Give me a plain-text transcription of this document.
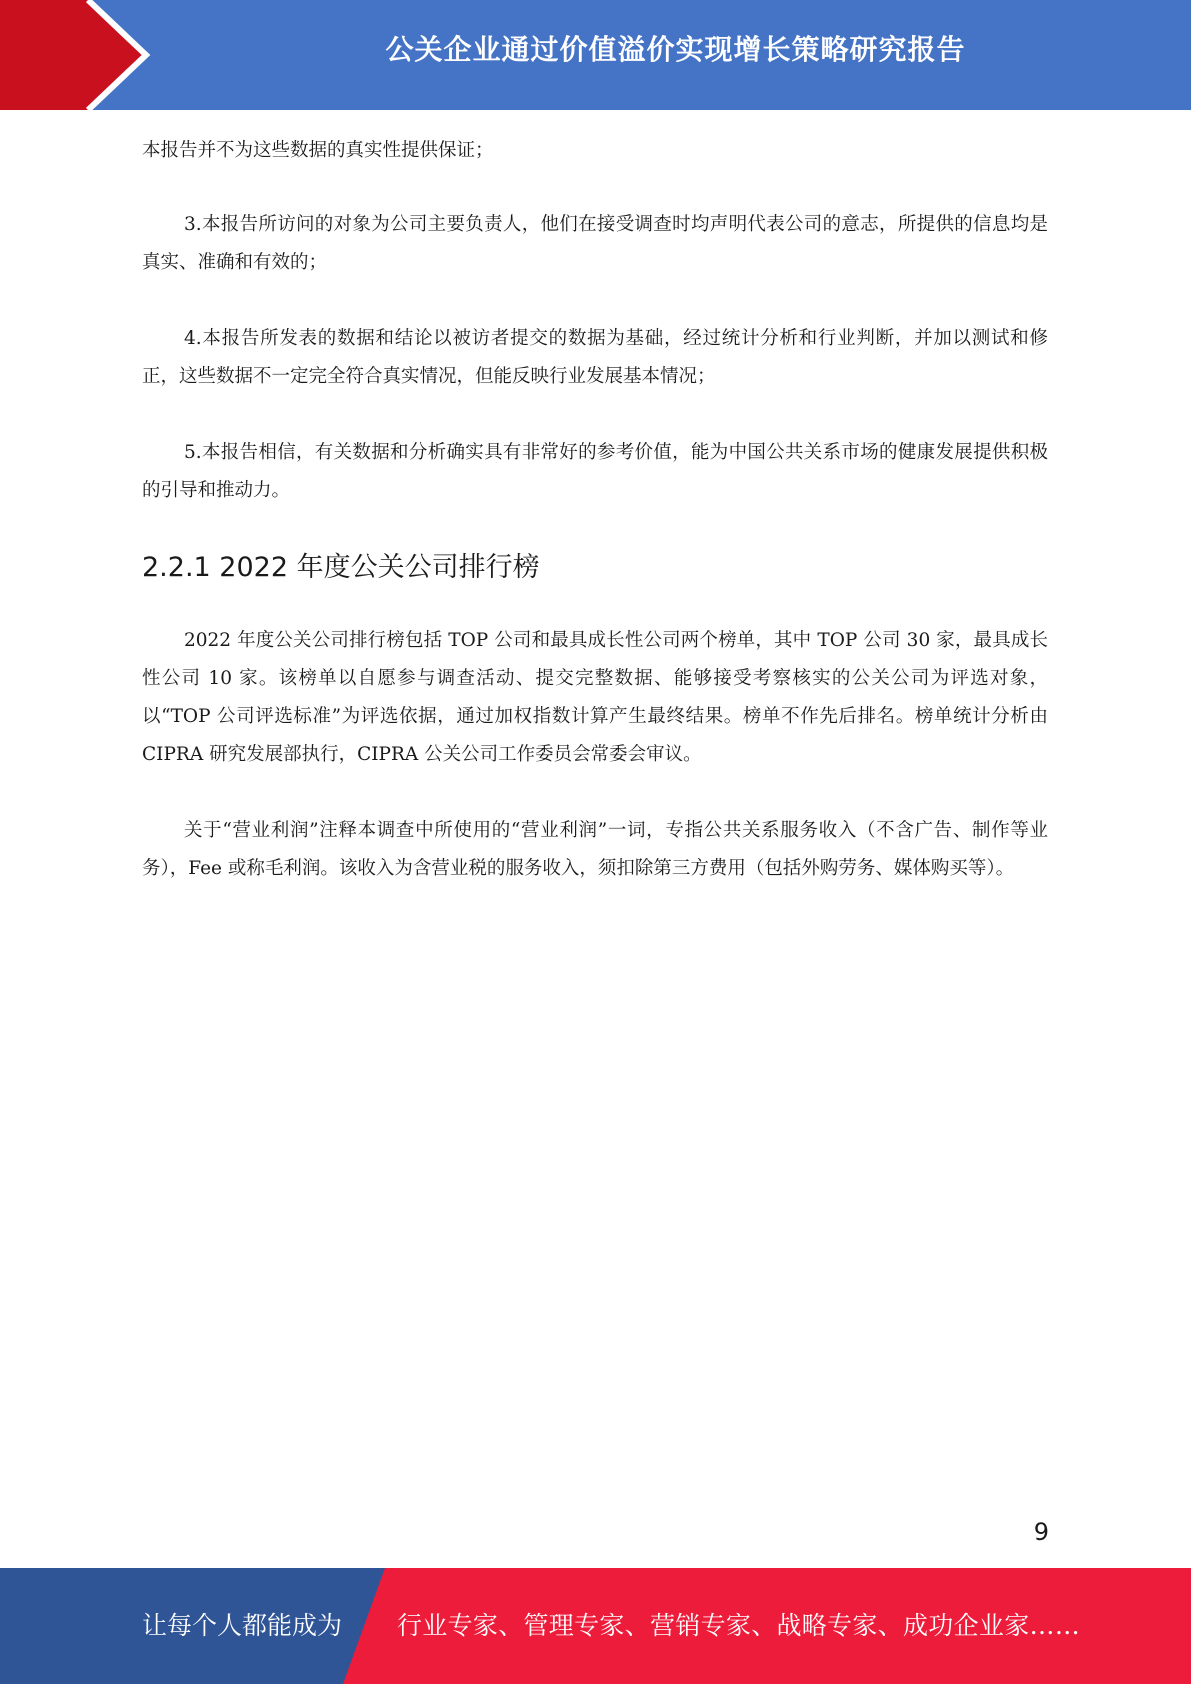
公关企业通过价值溢价实现增长策略研究报告

本报告并不为这些数据的真实性提供保证；

3.本报告所访问的对象为公司主要负责人，他们在接受调查时均声明代表公司的意志，所提供的信息均是真实、准确和有效的；

4.本报告所发表的数据和结论以被访者提交的数据为基础，经过统计分析和行业判断，并加以测试和修正，这些数据不一定完全符合真实情况，但能反映行业发展基本情况；

5.本报告相信，有关数据和分析确实具有非常好的参考价值，能为中国公共关系市场的健康发展提供积极的引导和推动力。

2.2.1 2022 年度公关公司排行榜

2022 年度公关公司排行榜包括 TOP 公司和最具成长性公司两个榜单，其中 TOP 公司 30 家，最具成长性公司 10 家。该榜单以自愿参与调查活动、提交完整数据、能够接受考察核实的公关公司为评选对象，以“TOP 公司评选标准”为评选依据，通过加权指数计算产生最终结果。榜单不作先后排名。榜单统计分析由 CIPRA 研究发展部执行，CIPRA 公关公司工作委员会常委会审议。

关于“营业利润”注释本调查中所使用的“营业利润”一词，专指公共关系服务收入（不含广告、制作等业务），Fee 或称毛利润。该收入为含营业税的服务收入，须扣除第三方费用（包括外购劳务、媒体购买等）。

9
让每个人都能成为 行业专家、管理专家、营销专家、战略专家、成功企业家……
